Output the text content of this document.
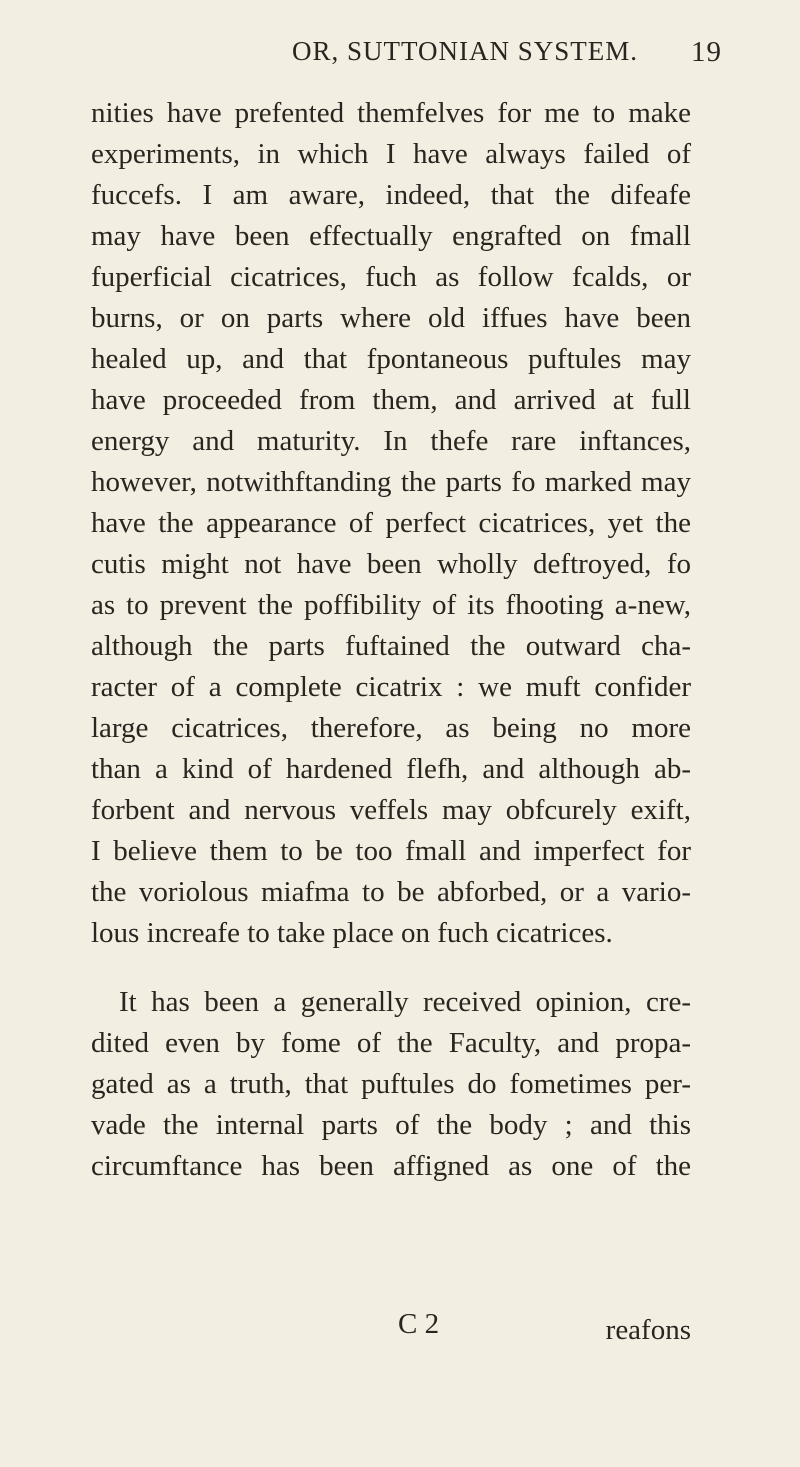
OR, SUTTONIAN SYSTEM. 19
nities have prefented themfelves for me to make
experiments, in which I have always failed of
fuccefs. I am aware, indeed, that the difeafe
may have been effectually engrafted on fmall
fuperficial cicatrices, fuch as follow fcalds, or
burns, or on parts where old iffues have been
healed up, and that fpontaneous puftules may
have proceeded from them, and arrived at full
energy and maturity. In thefe rare inftances,
however, notwithftanding the parts fo marked may
have the appearance of perfect cicatrices, yet the
cutis might not have been wholly deftroyed, fo
as to prevent the poffibility of its fhooting a-new,
although the parts fuftained the outward cha-
racter of a complete cicatrix : we muft confider
large cicatrices, therefore, as being no more
than a kind of hardened flefh, and although ab-
forbent and nervous veffels may obfcurely exift,
I believe them to be too fmall and imperfect for
the voriolous miafma to be abforbed, or a vario-
lous increafe to take place on fuch cicatrices.
It has been a generally received opinion, cre-
dited even by fome of the Faculty, and propa-
gated as a truth, that puftules do fometimes per-
vade the internal parts of the body ; and this
circumftance has been affigned as one of the
C 2	reafons
